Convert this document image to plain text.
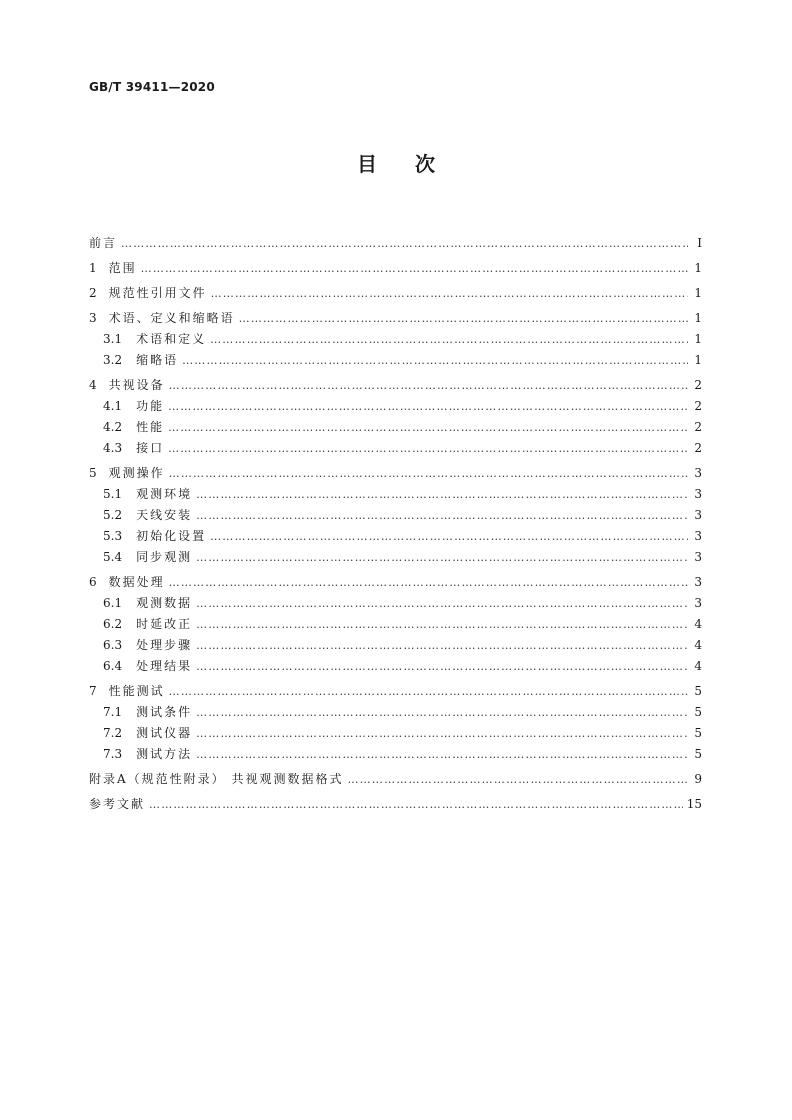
GB/T 39411—2020
目次
前言 ……………………………………………………………………………………………………………………………………………………………………………………………………	Ⅰ
1 范围 ……………………………………………………………………………………………………………………………………………………………………………………………………	1
2 规范性引用文件 ……………………………………………………………………………………………………………………………………………………………………………………………………	1
3 术语、定义和缩略语 ……………………………………………………………………………………………………………………………………………………………………………………………………	1
3.1 术语和定义 ……………………………………………………………………………………………………………………………………………………………………………………………………	1
3.2 缩略语 ……………………………………………………………………………………………………………………………………………………………………………………………………	1
4 共视设备 ……………………………………………………………………………………………………………………………………………………………………………………………………	2
4.1 功能 ……………………………………………………………………………………………………………………………………………………………………………………………………	2
4.2 性能 ……………………………………………………………………………………………………………………………………………………………………………………………………	2
4.3 接口 ……………………………………………………………………………………………………………………………………………………………………………………………………	2
5 观测操作 ……………………………………………………………………………………………………………………………………………………………………………………………………	3
5.1 观测环境 ……………………………………………………………………………………………………………………………………………………………………………………………………	3
5.2 天线安装 ……………………………………………………………………………………………………………………………………………………………………………………………………	3
5.3 初始化设置 ……………………………………………………………………………………………………………………………………………………………………………………………………	3
5.4 同步观测 ……………………………………………………………………………………………………………………………………………………………………………………………………	3
6 数据处理 ……………………………………………………………………………………………………………………………………………………………………………………………………	3
6.1 观测数据 ……………………………………………………………………………………………………………………………………………………………………………………………………	3
6.2 时延改正 ……………………………………………………………………………………………………………………………………………………………………………………………………	4
6.3 处理步骤 ……………………………………………………………………………………………………………………………………………………………………………………………………	4
6.4 处理结果 ……………………………………………………………………………………………………………………………………………………………………………………………………	4
7 性能测试 ……………………………………………………………………………………………………………………………………………………………………………………………………	5
7.1 测试条件 ……………………………………………………………………………………………………………………………………………………………………………………………………	5
7.2 测试仪器 ……………………………………………………………………………………………………………………………………………………………………………………………………	5
7.3 测试方法 ……………………………………………………………………………………………………………………………………………………………………………………………………	5
附录A（规范性附录） 共视观测数据格式 ……………………………………………………………………………………………………………………………………………………………………………………………………	9
参考文献 ……………………………………………………………………………………………………………………………………………………………………………………………………	15
